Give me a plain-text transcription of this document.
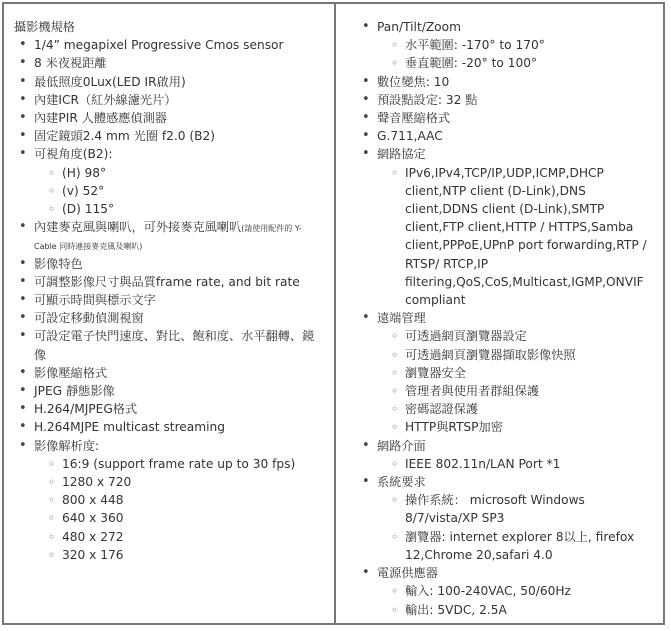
攝影機規格
• 1/4” megapixel Progressive Cmos sensor
• 8 米夜視距離
• 最低照度0Lux(LED IR啟用)
• 內建ICR（紅外線濾光片）
• 內建PIR 人體感應偵測器
• 固定鏡頭2.4 mm 光圈 f2.0 (B2)
• 可視角度(B2):
◦ (H) 98°
◦ (v) 52°
◦ (D) 115°
• 內建麥克風與喇叭，可外接麥克風喇叭(請使用配件的 Y-Cable 同時連接麥克風及喇叭)
• 影像特色
• 可調整影像尺寸與品質frame rate, and bit rate
• 可顯示時間與標示文字
• 可設定移動偵測視窗
• 可設定電子快門速度、對比、飽和度、水平翻轉、鏡像
• 影像壓縮格式
• JPEG 靜態影像
• H.264/MJPEG格式
• H.264MJPE multicast streaming
• 影像解析度:
◦ 16:9 (support frame rate up to 30 fps)
◦ 1280 x 720
◦ 800 x 448
◦ 640 x 360
◦ 480 x 272
◦ 320 x 176
• Pan/Tilt/Zoom
◦ 水平範圍: -170° to 170°
◦ 垂直範圍: -20° to 100°
• 數位變焦: 10
• 預設點設定: 32 點
• 聲音壓縮格式
• G.711,AAC
• 網路協定
◦ IPv6,IPv4,TCP/IP,UDP,ICMP,DHCP client,NTP client (D-Link),DNS client,DDNS client (D-Link),SMTP client,FTP client,HTTP / HTTPS,Samba client,PPPoE,UPnP port forwarding,RTP / RTSP/ RTCP,IP filtering,QoS,CoS,Multicast,IGMP,ONVIF compliant
• 遠端管理
◦ 可透過網頁瀏覽器設定
◦ 可透過網頁瀏覽器擷取影像快照
◦ 瀏覽器安全
◦ 管理者與使用者群組保護
◦ 密碼認證保護
◦ HTTP與RTSP加密
• 網路介面
◦ IEEE 802.11n/LAN Port *1
• 系統要求
◦ 操作系統： microsoft Windows 8/7/vista/XP SP3
◦ 瀏覽器: internet explorer 8以上, firefox 12,Chrome 20,safari 4.0
• 電源供應器
◦ 輸入: 100-240VAC, 50/60Hz
◦ 輸出: 5VDC, 2.5A
